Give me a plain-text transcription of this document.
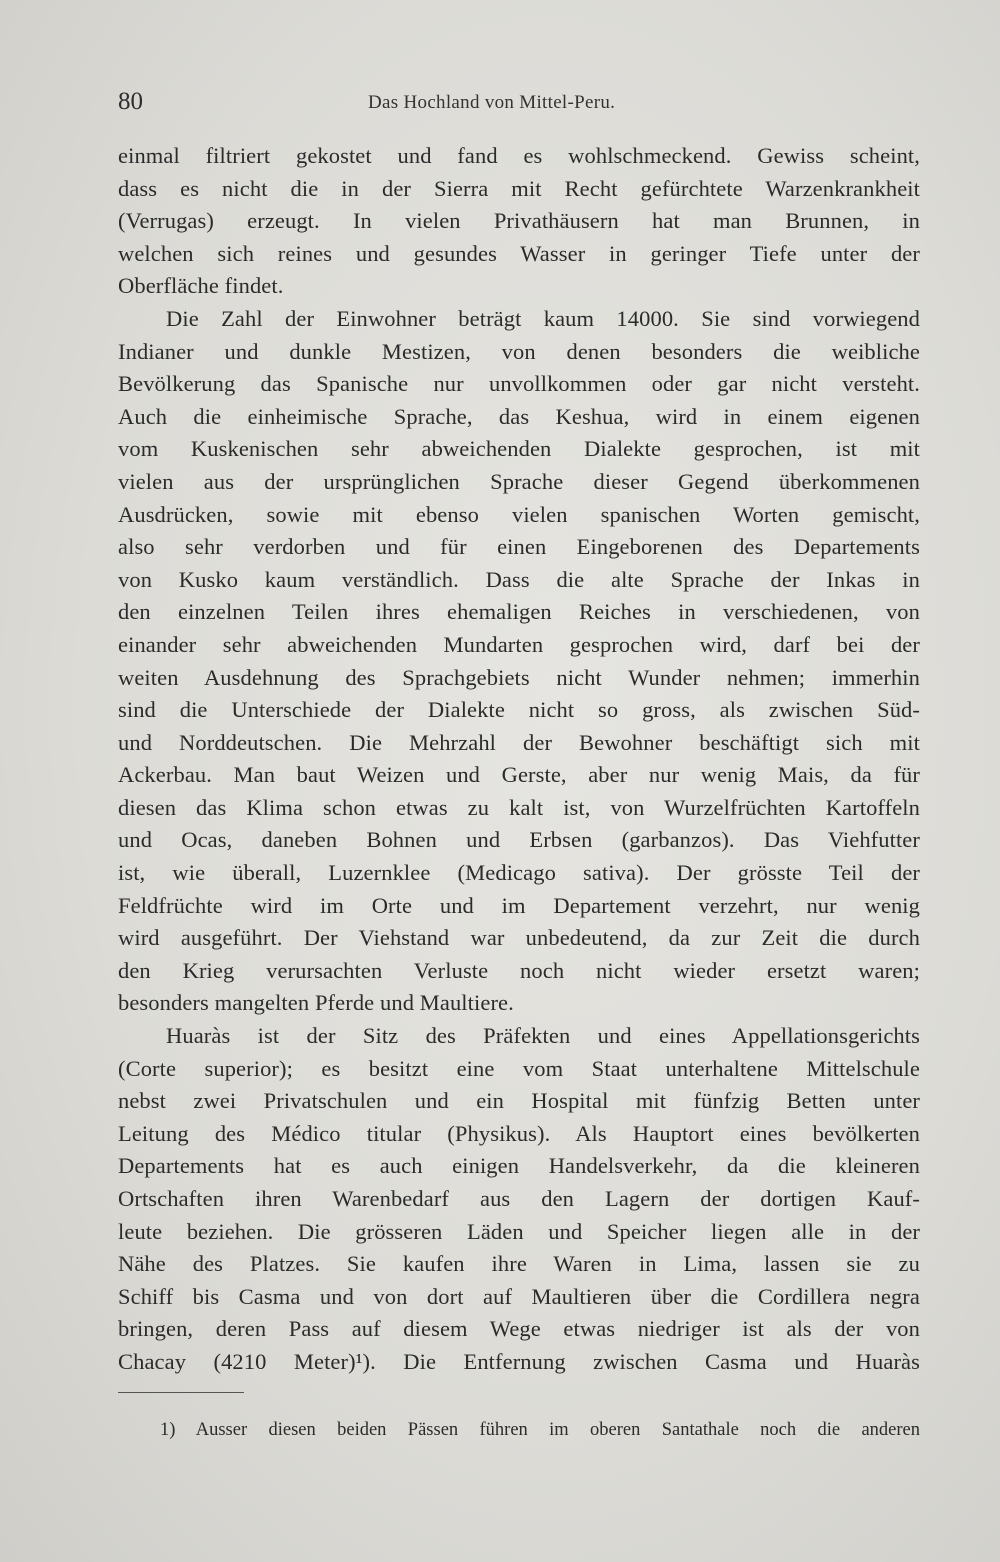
80	Das Hochland von Mittel-Peru.
einmal filtriert gekostet und fand es wohlschmeckend. Gewiss scheint,
dass es nicht die in der Sierra mit Recht gefürchtete Warzenkrankheit
(Verrugas) erzeugt. In vielen Privathäusern hat man Brunnen, in
welchen sich reines und gesundes Wasser in geringer Tiefe unter der
Oberfläche findet.
Die Zahl der Einwohner beträgt kaum 14000. Sie sind vorwiegend
Indianer und dunkle Mestizen, von denen besonders die weibliche
Bevölkerung das Spanische nur unvollkommen oder gar nicht versteht.
Auch die einheimische Sprache, das Keshua, wird in einem eigenen
vom Kuskenischen sehr abweichenden Dialekte gesprochen, ist mit
vielen aus der ursprünglichen Sprache dieser Gegend überkommenen
Ausdrücken, sowie mit ebenso vielen spanischen Worten gemischt,
also sehr verdorben und für einen Eingeborenen des Departements
von Kusko kaum verständlich. Dass die alte Sprache der Inkas in
den einzelnen Teilen ihres ehemaligen Reiches in verschiedenen, von
einander sehr abweichenden Mundarten gesprochen wird, darf bei der
weiten Ausdehnung des Sprachgebiets nicht Wunder nehmen; immerhin
sind die Unterschiede der Dialekte nicht so gross, als zwischen Süd-
und Norddeutschen. Die Mehrzahl der Bewohner beschäftigt sich mit
Ackerbau. Man baut Weizen und Gerste, aber nur wenig Mais, da für
diesen das Klima schon etwas zu kalt ist, von Wurzelfrüchten Kartoffeln
und Ocas, daneben Bohnen und Erbsen (garbanzos). Das Viehfutter
ist, wie überall, Luzernklee (Medicago sativa). Der grösste Teil der
Feldfrüchte wird im Orte und im Departement verzehrt, nur wenig
wird ausgeführt. Der Viehstand war unbedeutend, da zur Zeit die durch
den Krieg verursachten Verluste noch nicht wieder ersetzt waren;
besonders mangelten Pferde und Maultiere.
Huaràs ist der Sitz des Präfekten und eines Appellationsgerichts
(Corte superior); es besitzt eine vom Staat unterhaltene Mittelschule
nebst zwei Privatschulen und ein Hospital mit fünfzig Betten unter
Leitung des Médico titular (Physikus). Als Hauptort eines bevölkerten
Departements hat es auch einigen Handelsverkehr, da die kleineren
Ortschaften ihren Warenbedarf aus den Lagern der dortigen Kauf-
leute beziehen. Die grösseren Läden und Speicher liegen alle in der
Nähe des Platzes. Sie kaufen ihre Waren in Lima, lassen sie zu
Schiff bis Casma und von dort auf Maultieren über die Cordillera negra
bringen, deren Pass auf diesem Wege etwas niedriger ist als der von
Chacay (4210 Meter)¹). Die Entfernung zwischen Casma und Huaràs
1) Ausser diesen beiden Pässen führen im oberen Santathale noch die anderen
